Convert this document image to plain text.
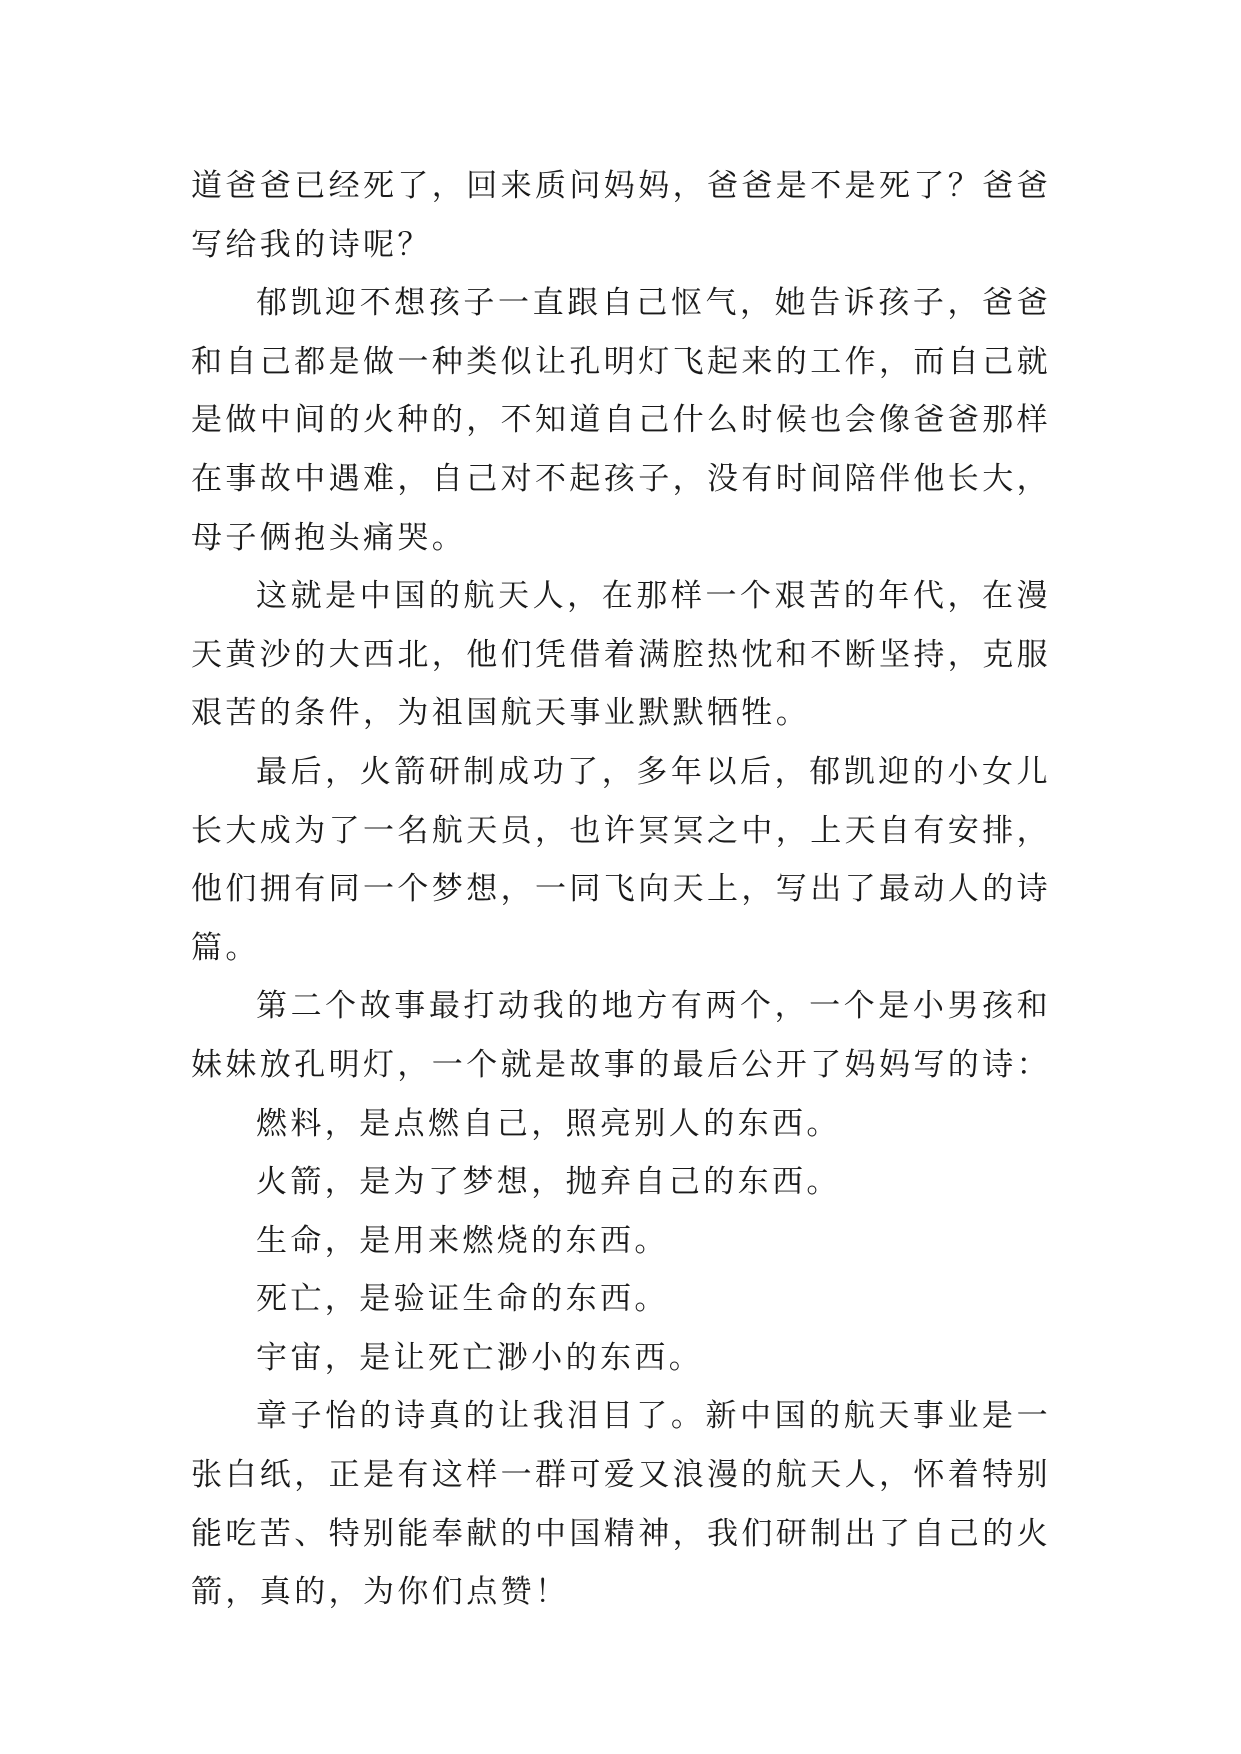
道爸爸已经死了，回来质问妈妈，爸爸是不是死了？爸爸写给我的诗呢？

郁凯迎不想孩子一直跟自己怄气，她告诉孩子，爸爸和自己都是做一种类似让孔明灯飞起来的工作，而自己就是做中间的火种的，不知道自己什么时候也会像爸爸那样在事故中遇难，自己对不起孩子，没有时间陪伴他长大，母子俩抱头痛哭。

这就是中国的航天人，在那样一个艰苦的年代，在漫天黄沙的大西北，他们凭借着满腔热忱和不断坚持，克服艰苦的条件，为祖国航天事业默默牺牲。

最后，火箭研制成功了，多年以后，郁凯迎的小女儿长大成为了一名航天员，也许冥冥之中，上天自有安排，他们拥有同一个梦想，一同飞向天上，写出了最动人的诗篇。

第二个故事最打动我的地方有两个，一个是小男孩和妹妹放孔明灯，一个就是故事的最后公开了妈妈写的诗：

燃料，是点燃自己，照亮别人的东西。

火箭，是为了梦想，抛弃自己的东西。

生命，是用来燃烧的东西。

死亡，是验证生命的东西。

宇宙，是让死亡渺小的东西。

章子怡的诗真的让我泪目了。新中国的航天事业是一张白纸，正是有这样一群可爱又浪漫的航天人，怀着特别能吃苦、特别能奉献的中国精神，我们研制出了自己的火箭，真的，为你们点赞！
